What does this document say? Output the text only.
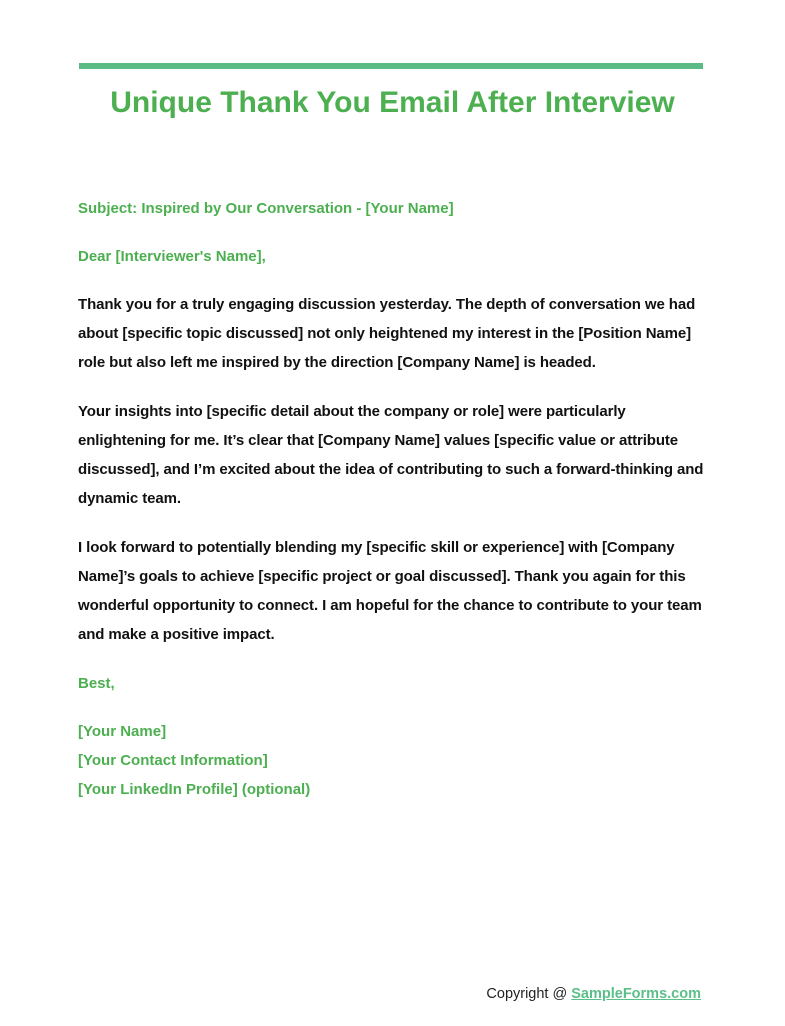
Unique Thank You Email After Interview

Subject: Inspired by Our Conversation - [Your Name]

Dear [Interviewer's Name],

Thank you for a truly engaging discussion yesterday. The depth of conversation we had about [specific topic discussed] not only heightened my interest in the [Position Name] role but also left me inspired by the direction [Company Name] is headed.

Your insights into [specific detail about the company or role] were particularly enlightening for me. It’s clear that [Company Name] values [specific value or attribute discussed], and I’m excited about the idea of contributing to such a forward-thinking and dynamic team.

I look forward to potentially blending my [specific skill or experience] with [Company Name]’s goals to achieve [specific project or goal discussed]. Thank you again for this wonderful opportunity to connect. I am hopeful for the chance to contribute to your team and make a positive impact.

Best,

[Your Name]

[Your Contact Information]

[Your LinkedIn Profile] (optional)

Copyright @ SampleForms.com
